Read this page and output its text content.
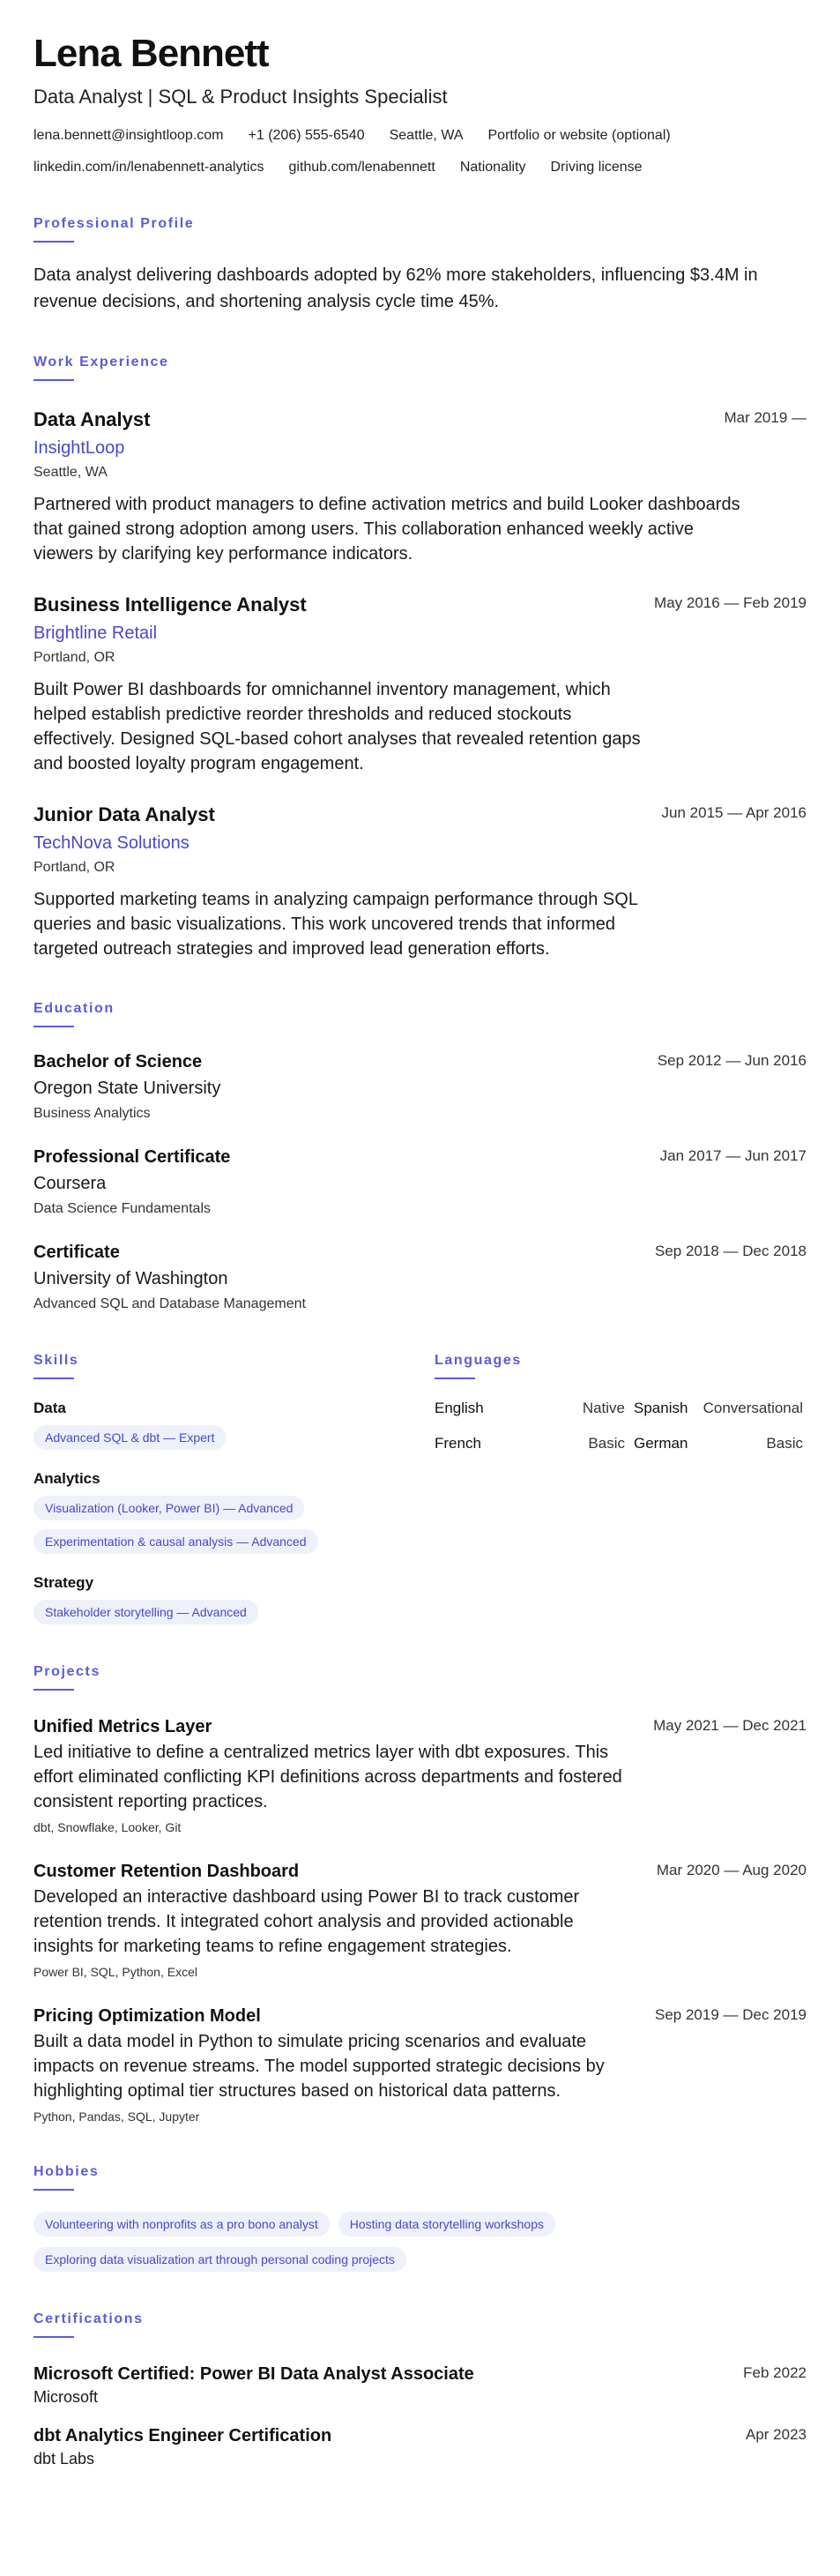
Lena Bennett
Data Analyst | SQL & Product Insights Specialist
lena.bennett@insightloop.com +1 (206) 555-6540 Seattle, WA Portfolio or website (optional)
linkedin.com/in/lenabennett-analytics github.com/lenabennett Nationality Driving license
Professional Profile
Data analyst delivering dashboards adopted by 62% more stakeholders, influencing $3.4M in revenue decisions, and shortening analysis cycle time 45%.
Work Experience
Data Analyst	Mar 2019 —
InsightLoop
Seattle, WA
Partnered with product managers to define activation metrics and build Looker dashboards that gained strong adoption among users. This collaboration enhanced weekly active viewers by clarifying key performance indicators.
Business Intelligence Analyst	May 2016 — Feb 2019
Brightline Retail
Portland, OR
Built Power BI dashboards for omnichannel inventory management, which helped establish predictive reorder thresholds and reduced stockouts effectively. Designed SQL-based cohort analyses that revealed retention gaps and boosted loyalty program engagement.
Junior Data Analyst	Jun 2015 — Apr 2016
TechNova Solutions
Portland, OR
Supported marketing teams in analyzing campaign performance through SQL queries and basic visualizations. This work uncovered trends that informed targeted outreach strategies and improved lead generation efforts.
Education
Bachelor of Science	Sep 2012 — Jun 2016
Oregon State University
Business Analytics
Professional Certificate	Jan 2017 — Jun 2017
Coursera
Data Science Fundamentals
Certificate	Sep 2018 — Dec 2018
University of Washington
Advanced SQL and Database Management
Skills
Data
Advanced SQL & dbt — Expert
Analytics
Visualization (Looker, Power BI) — Advanced
Experimentation & causal analysis — Advanced
Strategy
Stakeholder storytelling — Advanced
Languages
English	Native Spanish	Conversational
French	Basic German	Basic
Projects
Unified Metrics Layer	May 2021 — Dec 2021
Led initiative to define a centralized metrics layer with dbt exposures. This effort eliminated conflicting KPI definitions across departments and fostered consistent reporting practices.
dbt, Snowflake, Looker, Git
Customer Retention Dashboard	Mar 2020 — Aug 2020
Developed an interactive dashboard using Power BI to track customer retention trends. It integrated cohort analysis and provided actionable insights for marketing teams to refine engagement strategies.
Power BI, SQL, Python, Excel
Pricing Optimization Model	Sep 2019 — Dec 2019
Built a data model in Python to simulate pricing scenarios and evaluate impacts on revenue streams. The model supported strategic decisions by highlighting optimal tier structures based on historical data patterns.
Python, Pandas, SQL, Jupyter
Hobbies
Volunteering with nonprofits as a pro bono analyst	Hosting data storytelling workshops
Exploring data visualization art through personal coding projects
Certifications
Microsoft Certified: Power BI Data Analyst Associate	Feb 2022
Microsoft
dbt Analytics Engineer Certification	Apr 2023
dbt Labs
